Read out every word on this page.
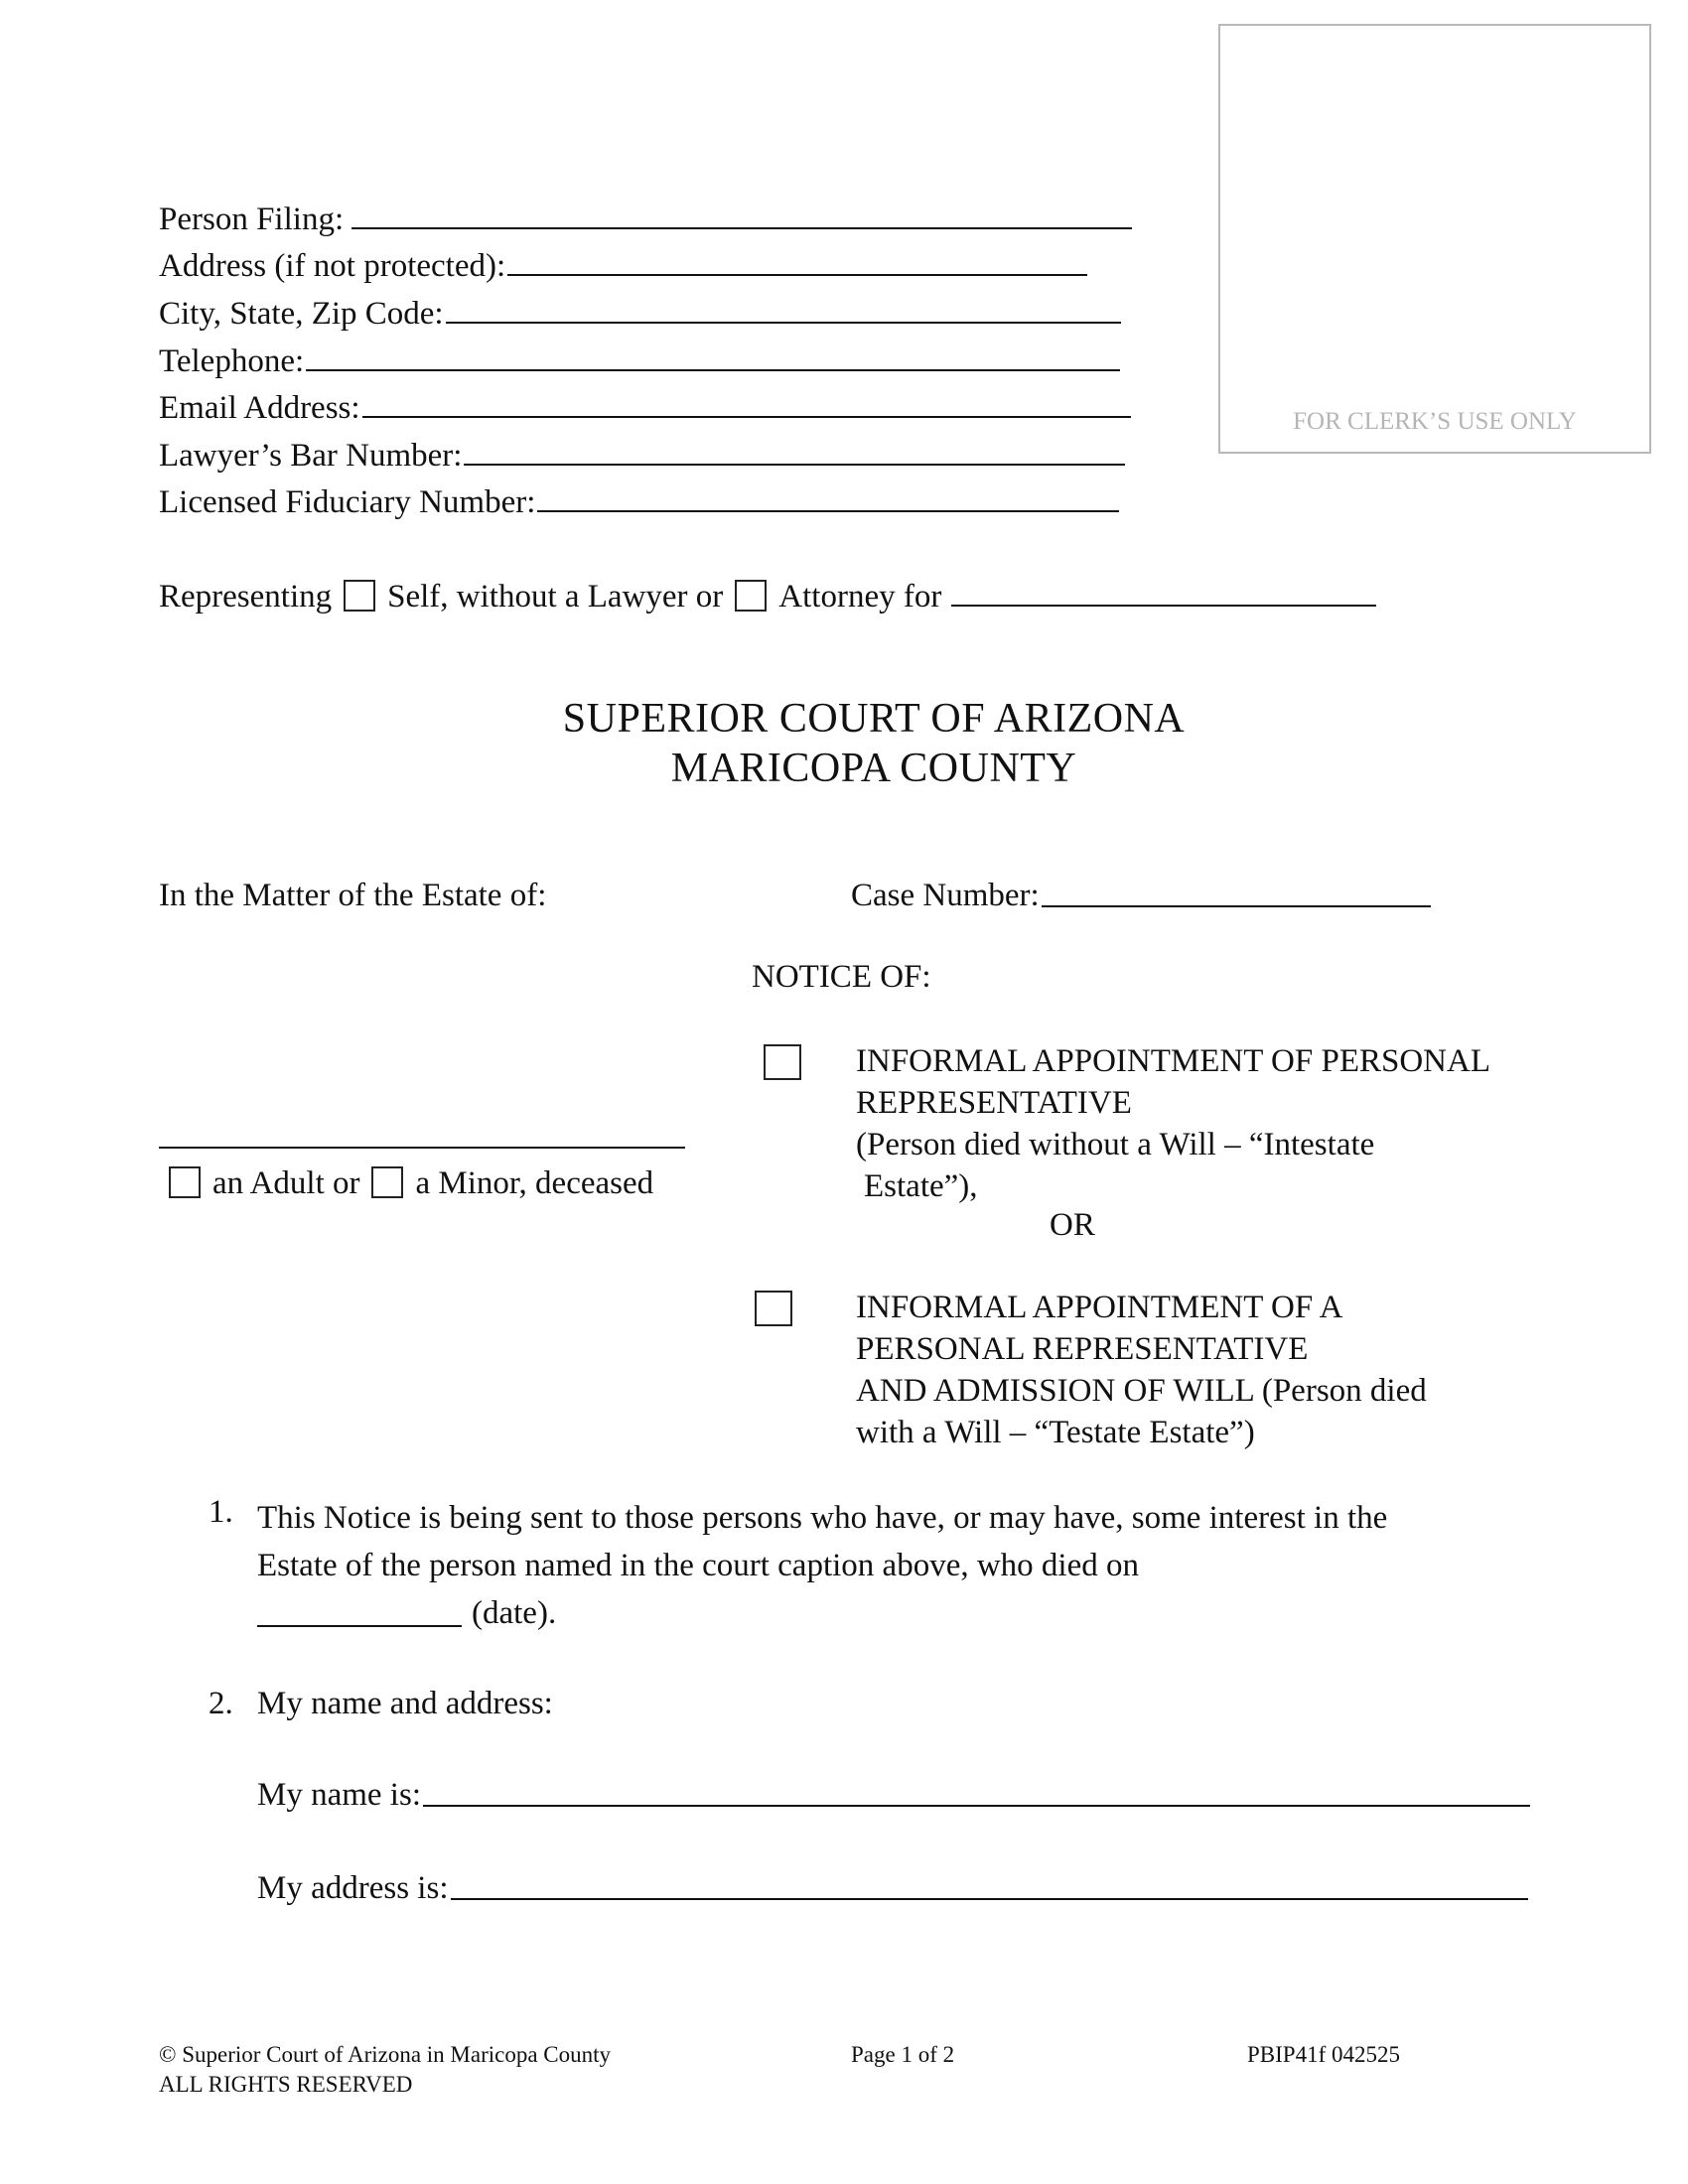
FOR CLERK’S USE ONLY
Person Filing:
Address (if not protected):
City, State, Zip Code:
Telephone:
Email Address:
Lawyer’s Bar Number:
Licensed Fiduciary Number:
Representing Self, without a Lawyer or Attorney for
SUPERIOR COURT OF ARIZONA
MARICOPA COUNTY
In the Matter of the Estate of:
an Adult or a Minor, deceased
Case Number:
NOTICE OF:
INFORMAL APPOINTMENT OF PERSONAL
REPRESENTATIVE
(Person died without a Will – “Intestate
Estate”),
OR
INFORMAL APPOINTMENT OF A
PERSONAL REPRESENTATIVE
AND ADMISSION OF WILL (Person died
with a Will – “Testate Estate”)
1. This Notice is being sent to those persons who have, or may have, some interest in the
Estate of the person named in the court caption above, who died on
(date).
2. My name and address:
My name is:
My address is:
© Superior Court of Arizona in Maricopa County
ALL RIGHTS RESERVED
Page 1 of 2	PBIP41f 042525
